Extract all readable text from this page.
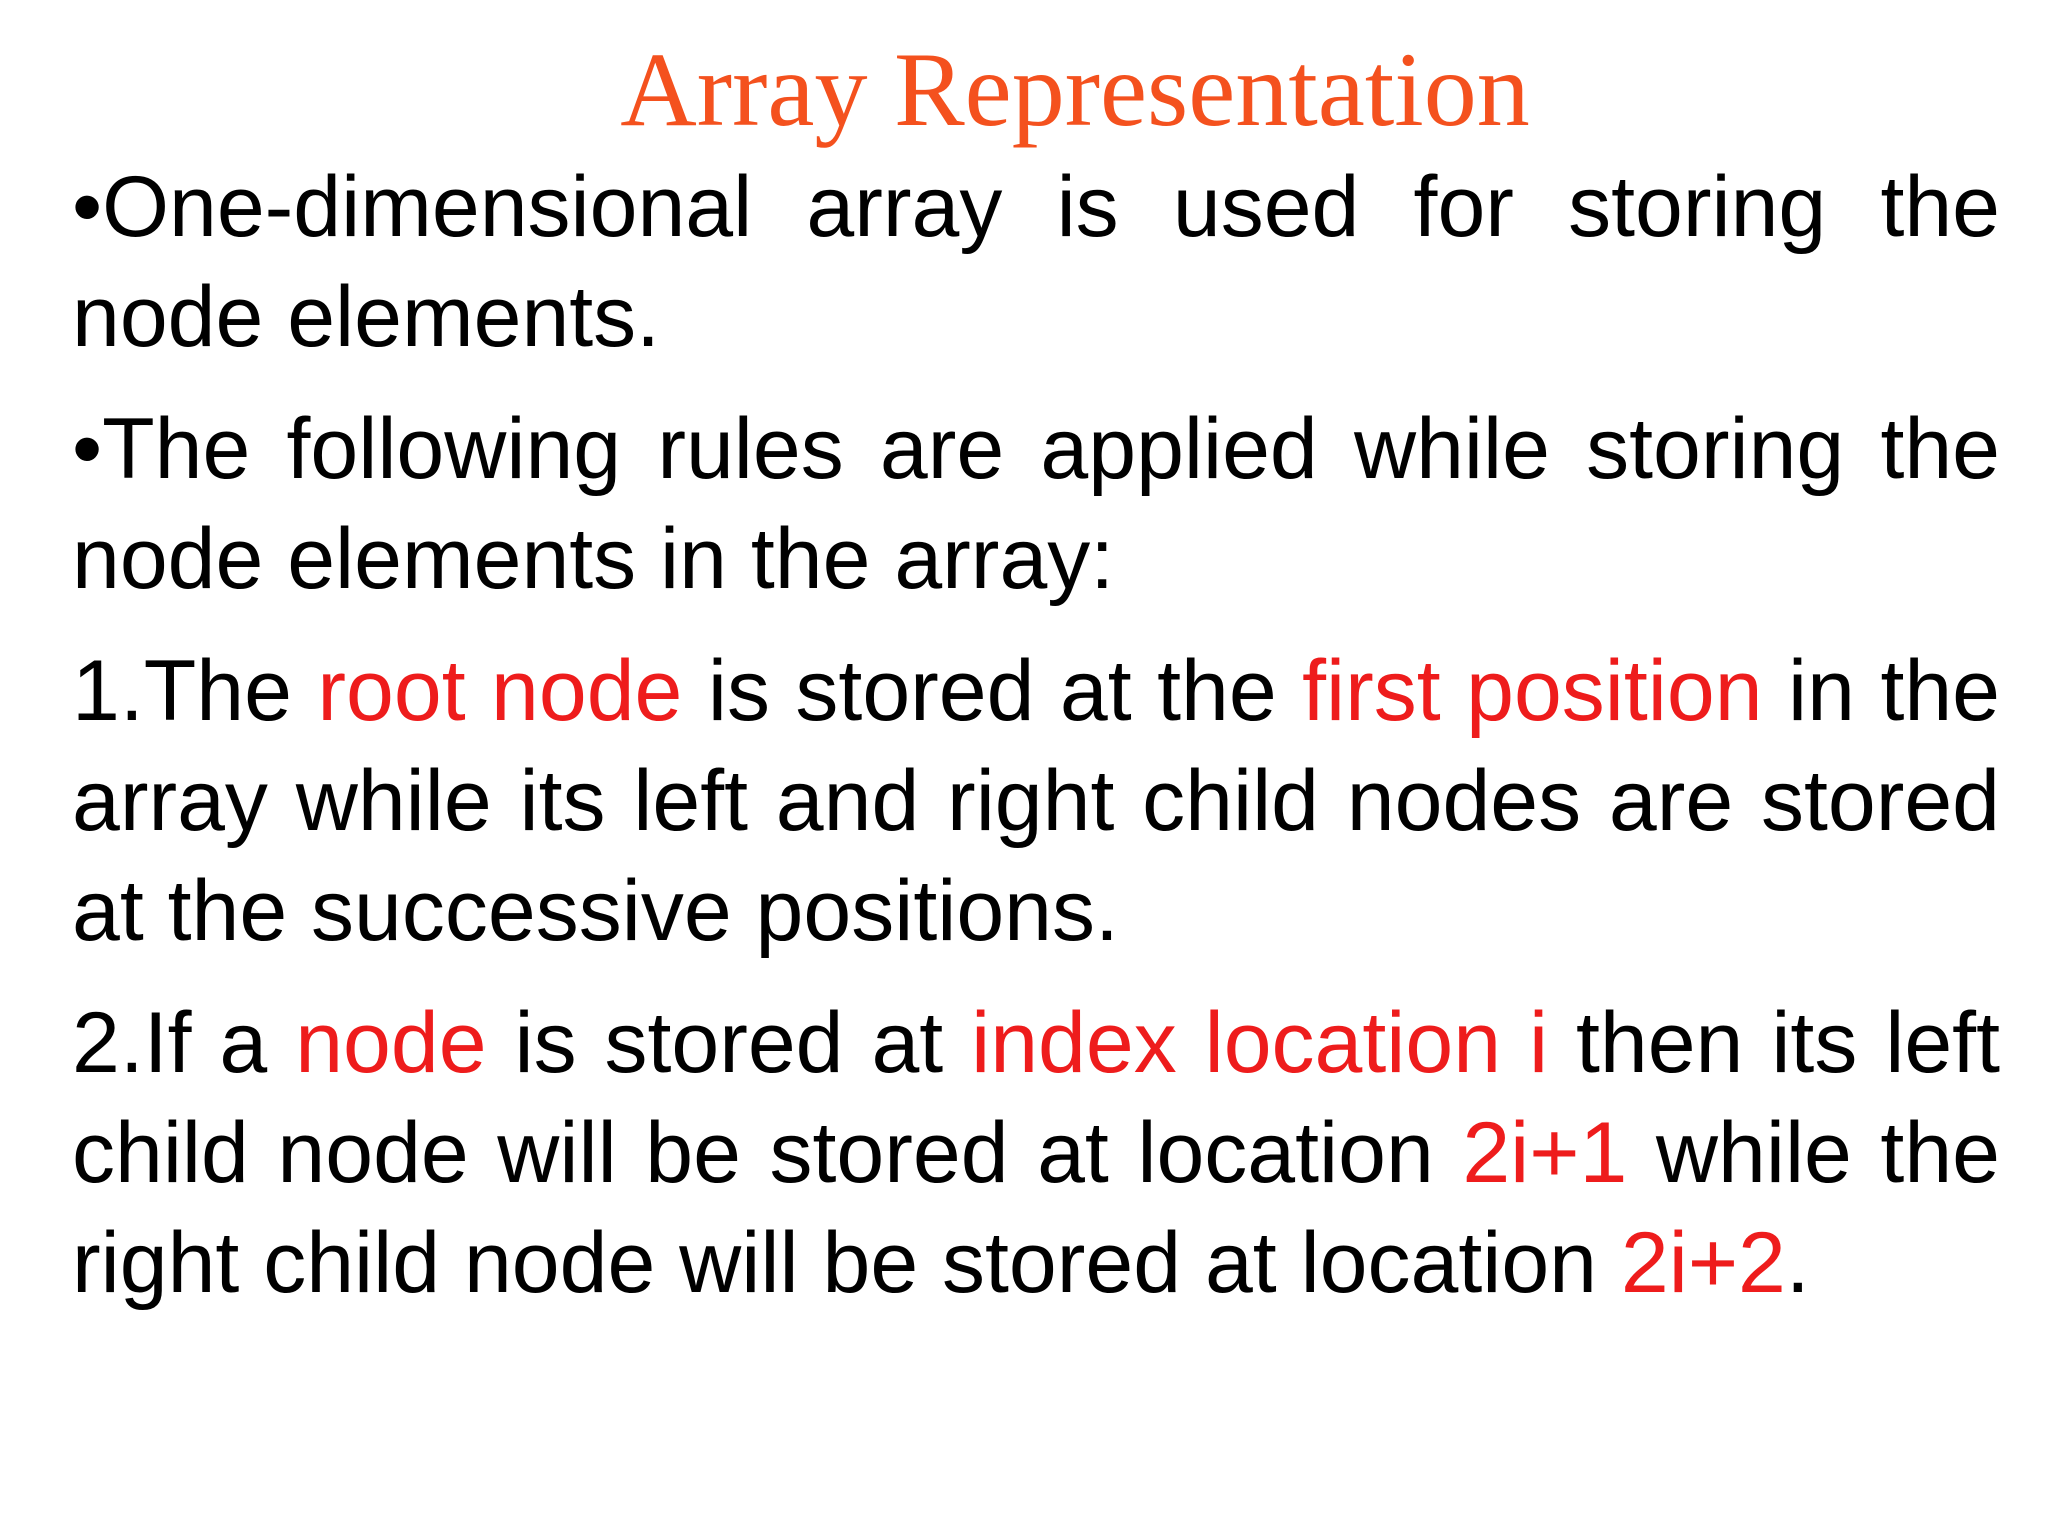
Array Representation

•One-dimensional array is used for storing the node elements.

•The following rules are applied while storing the node elements in the array:

1.The root node is stored at the first position in the array while its left and right child nodes are stored at the successive positions.

2.If a node is stored at index location i then its left child node will be stored at location 2i+1 while the right child node will be stored at location 2i+2.
